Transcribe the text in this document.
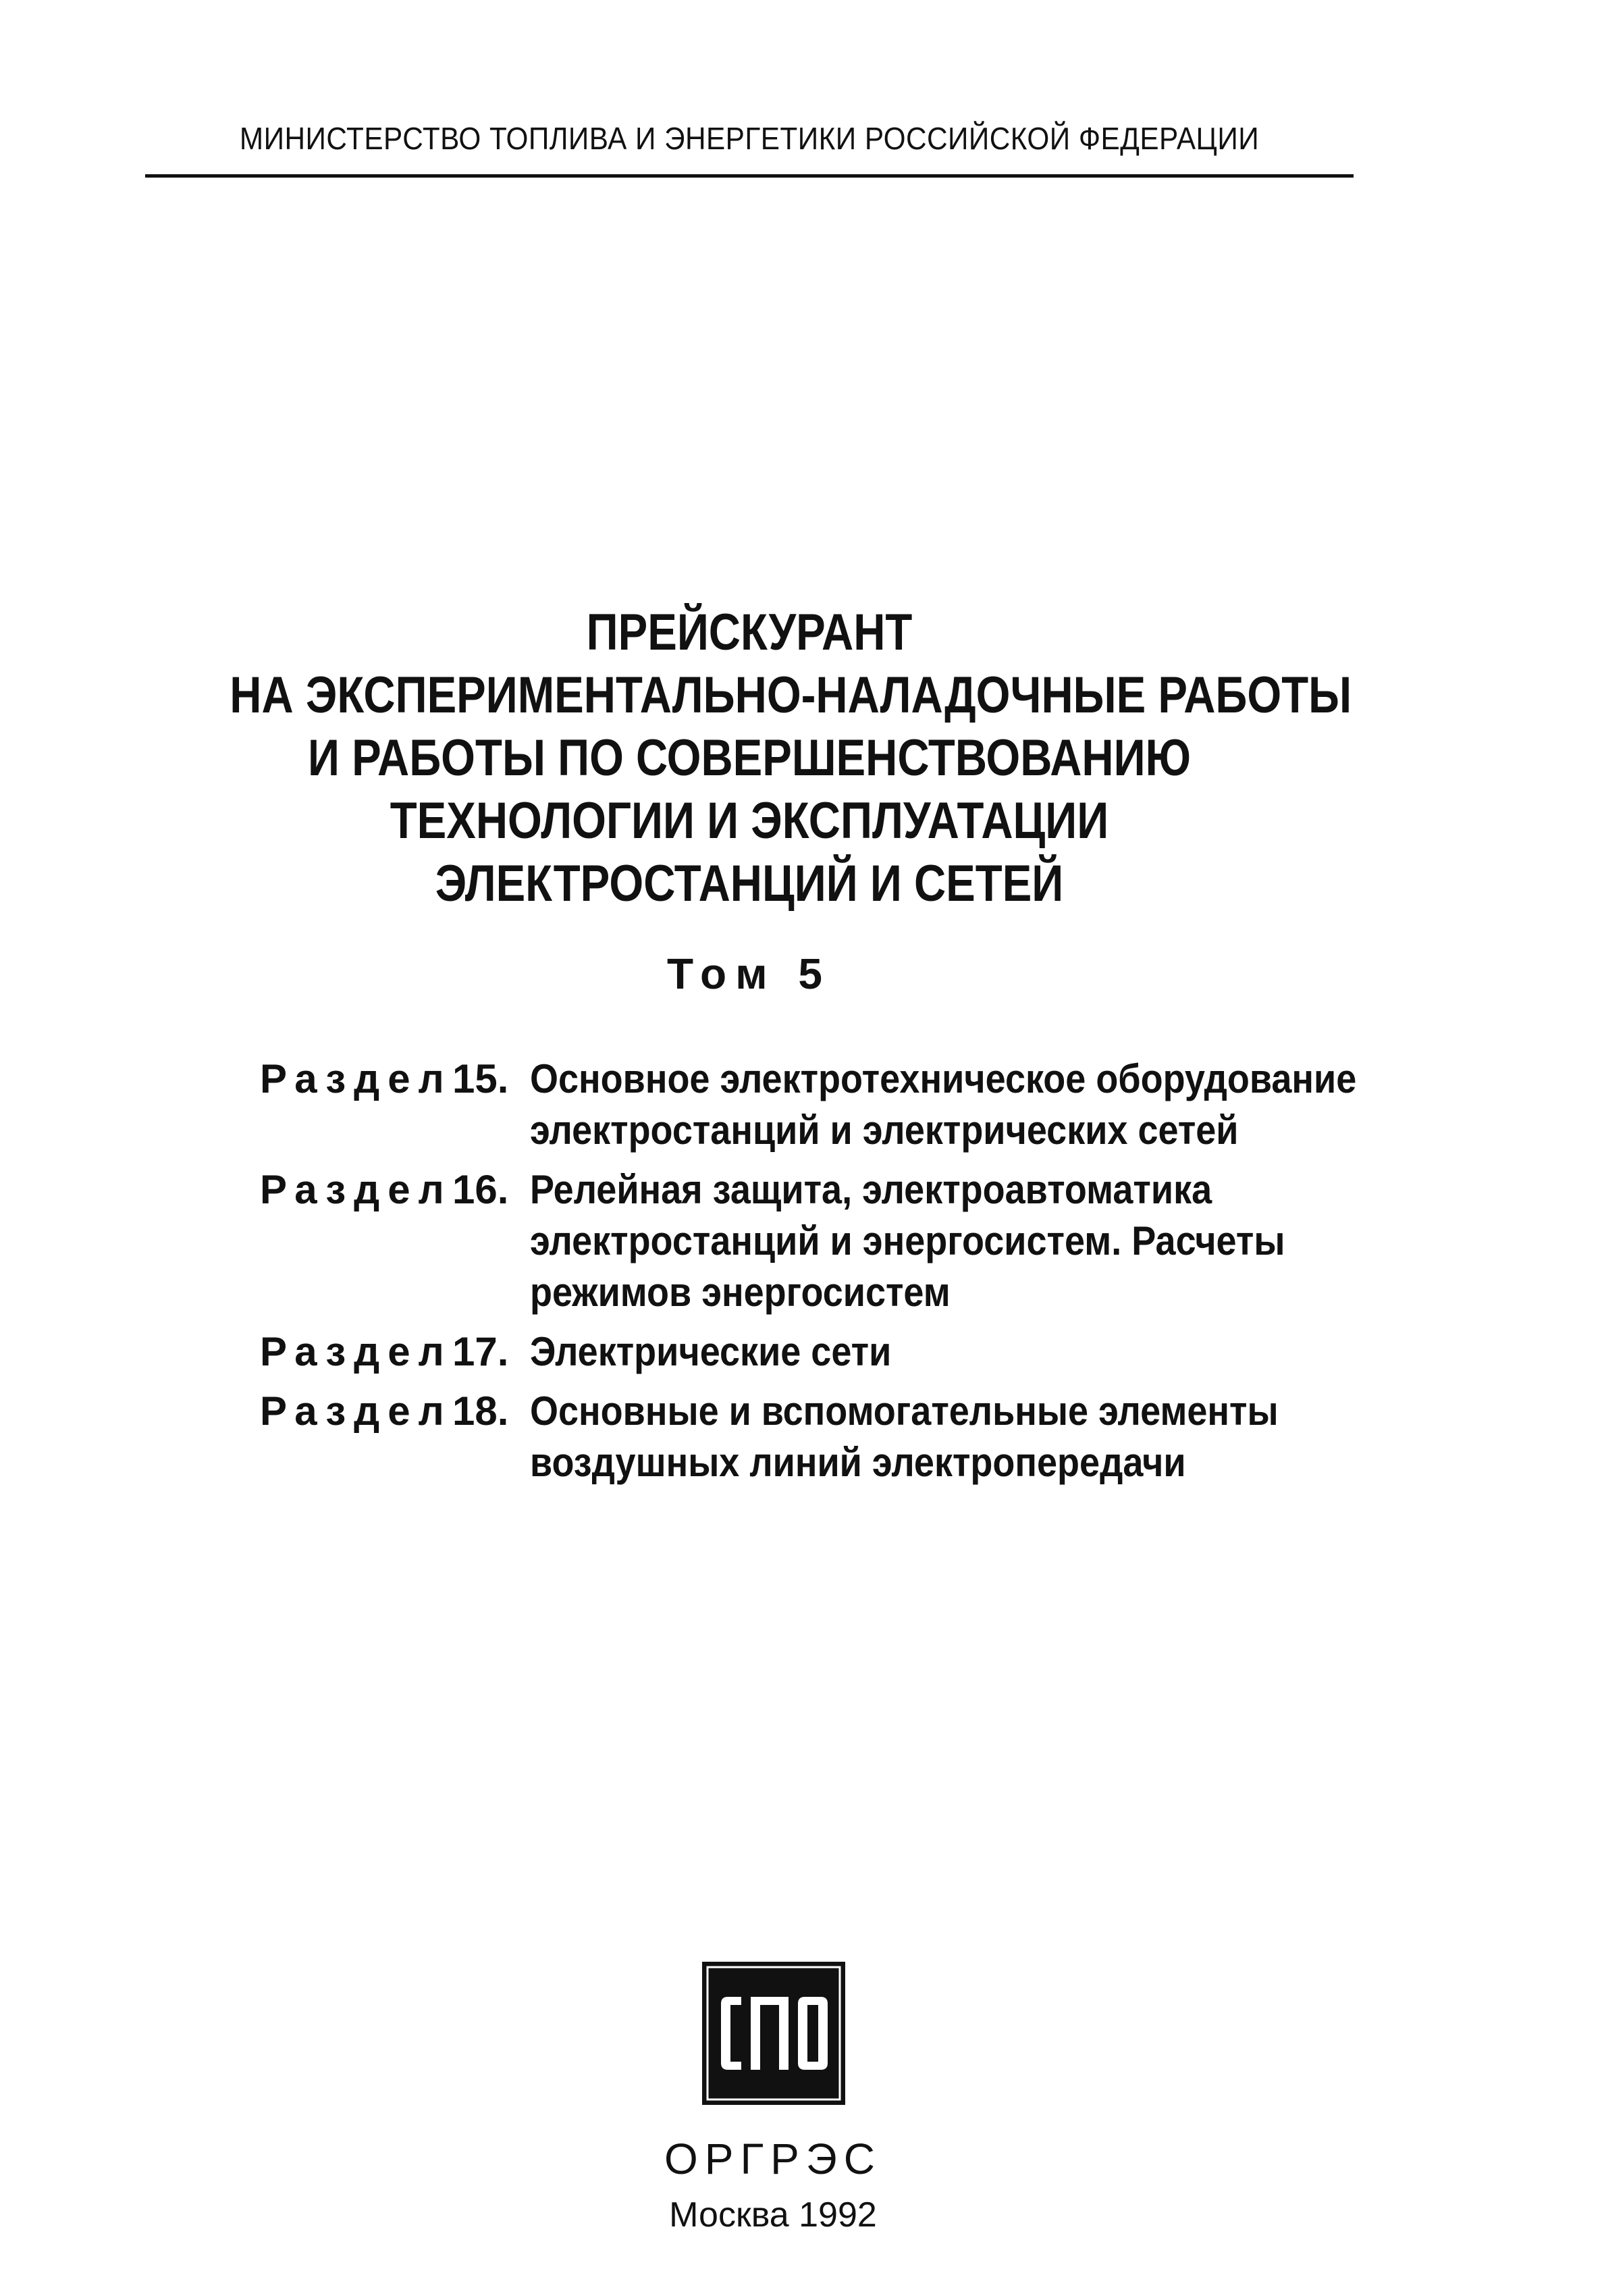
МИНИСТЕРСТВО ТОПЛИВА И ЭНЕРГЕТИКИ РОССИЙСКОЙ ФЕДЕРАЦИИ
ПРЕЙСКУРАНТ
НА ЭКСПЕРИМЕНТАЛЬНО-НАЛАДОЧНЫЕ РАБОТЫ
И РАБОТЫ ПО СОВЕРШЕНСТВОВАНИЮ
ТЕХНОЛОГИИ И ЭКСПЛУАТАЦИИ
ЭЛЕКТРОСТАНЦИЙ И СЕТЕЙ
Том 5
Раздел 15. Основное электротехническое оборудование
электростанций и электрических сетей
Раздел 16. Релейная защита, электроавтоматика
электростанций и энергосистем. Расчеты
режимов энергосистем
Раздел 17. Электрические сети
Раздел 18. Основные и вспомогательные элементы
воздушных линий электропередачи
ОРГРЭС
Москва 1992
